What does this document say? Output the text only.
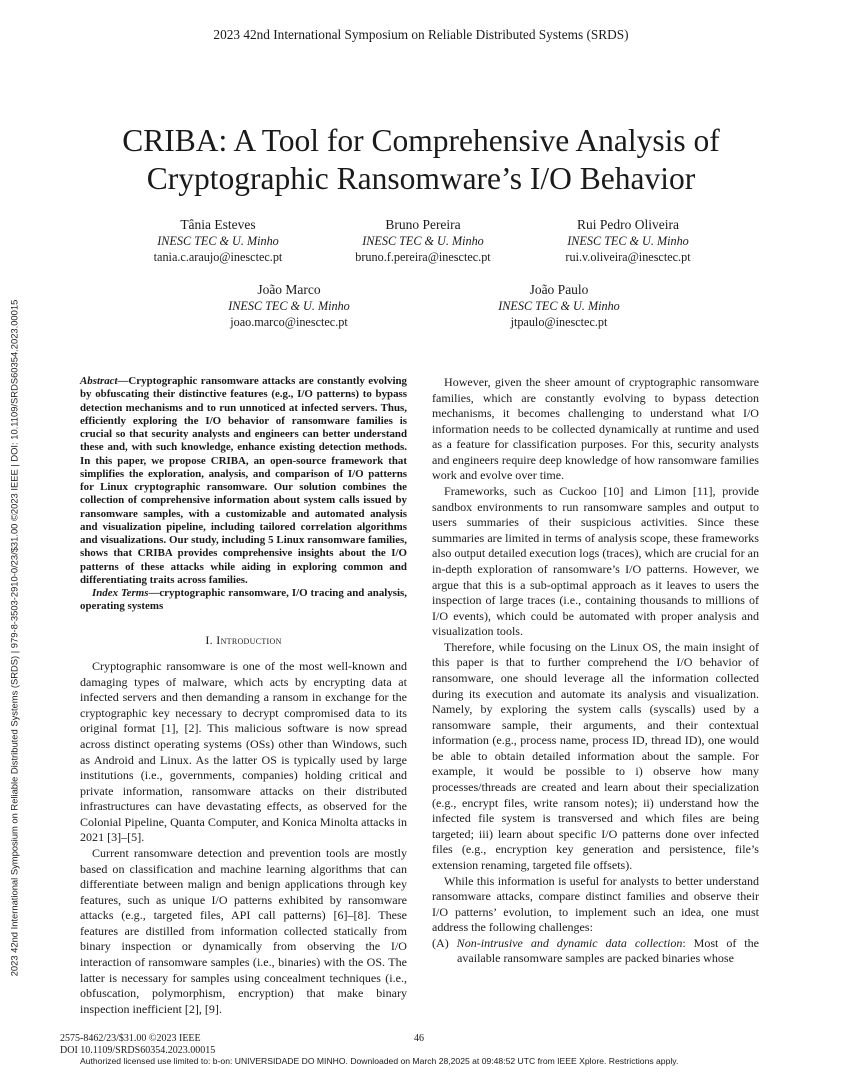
2023 42nd International Symposium on Reliable Distributed Systems (SRDS)
CRIBA: A Tool for Comprehensive Analysis of
Cryptographic Ransomware’s I/O Behavior
Tânia Esteves
INESC TEC & U. Minho
tania.c.araujo@inesctec.pt
Bruno Pereira
INESC TEC & U. Minho
bruno.f.pereira@inesctec.pt
Rui Pedro Oliveira
INESC TEC & U. Minho
rui.v.oliveira@inesctec.pt
João Marco
INESC TEC & U. Minho
joao.marco@inesctec.pt
João Paulo
INESC TEC & U. Minho
jtpaulo@inesctec.pt
2023 42nd International Symposium on Reliable Distributed Systems (SRDS) | 979-8-3503-2910-0/23/$31.00 ©2023 IEEE | DOI: 10.1109/SRDS60354.2023.00015	Abstract—Cryptographic ransomware attacks are constantly evolving by obfuscating their distinctive features (e.g., I/O patterns) to bypass detection mechanisms and to run unnoticed at infected servers. Thus, efficiently exploring the I/O behavior of ransomware families is crucial so that security analysts and engineers can better understand these and, with such knowledge, enhance existing detection methods. In this paper, we propose CRIBA, an open-source framework that simplifies the exploration, analysis, and comparison of I/O patterns for Linux cryptographic ransomware. Our solution combines the collection of comprehensive information about system calls issued by ransomware samples, with a customizable and automated analysis and visualization pipeline, including tailored correlation algorithms and visualizations. Our study, including 5 Linux ransomware families, shows that CRIBA provides comprehensive insights about the I/O patterns of these attacks while aiding in exploring common and differentiating traits across families.

Index Terms—cryptographic ransomware, I/O tracing and analysis, operating systems

I. Introduction

Cryptographic ransomware is one of the most well-known and damaging types of malware, which acts by encrypting data at infected servers and then demanding a ransom in exchange for the cryptographic key necessary to decrypt compromised data to its original format [1], [2]. This malicious software is now spread across distinct operating systems (OSs) other than Windows, such as Android and Linux. As the latter OS is typically used by large institutions (i.e., governments, companies) holding critical and private information, ransomware attacks on their distributed infrastructures can have devastating effects, as observed for the Colonial Pipeline, Quanta Computer, and Konica Minolta attacks in 2021 [3]–[5].

Current ransomware detection and prevention tools are mostly based on classification and machine learning algorithms that can differentiate between malign and benign applications through key features, such as unique I/O patterns exhibited by ransomware attacks (e.g., targeted files, API call patterns) [6]–[8]. These features are distilled from information collected statically from binary inspection or dynamically from observing the I/O interaction of ransomware samples (i.e., binaries) with the OS. The latter is necessary for samples using concealment techniques (i.e., obfuscation, polymorphism, encryption) that make binary inspection inefficient [2], [9].

However, given the sheer amount of cryptographic ransomware families, which are constantly evolving to bypass detection mechanisms, it becomes challenging to understand what I/O information needs to be collected dynamically at runtime and used as a feature for classification purposes. For this, security analysts and engineers require deep knowledge of how ransomware families work and evolve over time.

Frameworks, such as Cuckoo [10] and Limon [11], provide sandbox environments to run ransomware samples and output to users summaries of their suspicious activities. Since these summaries are limited in terms of analysis scope, these frameworks also output detailed execution logs (traces), which are crucial for an in-depth exploration of ransomware’s I/O patterns. However, we argue that this is a sub-optimal approach as it leaves to users the inspection of large traces (i.e., containing thousands to millions of I/O events), which could be automated with proper analysis and visualization tools.

Therefore, while focusing on the Linux OS, the main insight of this paper is that to further comprehend the I/O behavior of ransomware, one should leverage all the information collected during its execution and automate its analysis and visualization. Namely, by exploring the system calls (syscalls) used by a ransomware sample, their arguments, and their contextual information (e.g., process name, process ID, thread ID), one would be able to obtain detailed information about the sample. For example, it would be possible to i) observe how many processes/threads are created and learn about their specialization (e.g., encrypt files, write ransom notes); ii) understand how the infected file system is transversed and which files are being targeted; iii) learn about specific I/O patterns done over infected files (e.g., encryption key generation and persistence, file’s extension renaming, targeted file offsets).

While this information is useful for analysts to better understand ransomware attacks, compare distinct families and observe their I/O patterns’ evolution, to implement such an idea, one must address the following challenges:

(A) Non-intrusive and dynamic data collection: Most of the available ransomware samples are packed binaries whose

2575-8462/23/$31.00 ©2023 IEEE
DOI 10.1109/SRDS60354.2023.00015
46
Authorized licensed use limited to: b-on: UNIVERSIDADE DO MINHO. Downloaded on March 28,2025 at 09:48:52 UTC from IEEE Xplore. Restrictions apply.
